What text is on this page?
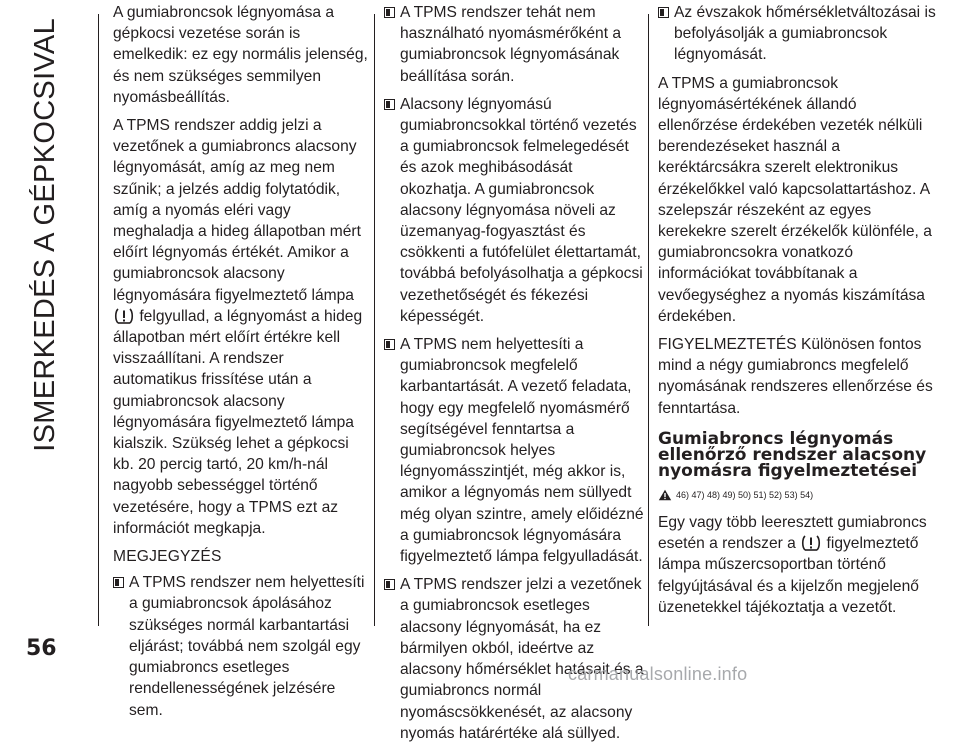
ISMERKEDÉS A GÉPKOCSIVAL
56

A gumiabroncsok légnyomása a gépkocsi vezetése során is emelkedik: ez egy normális jelenség, és nem szükséges semmilyen nyomásbeállítás.

A TPMS rendszer addig jelzi a vezetőnek a gumiabroncs alacsony légnyomását, amíg az meg nem szűnik; a jelzés addig folytatódik, amíg a nyomás eléri vagy meghaladja a hideg állapotban mért előírt légnyomás értékét. Amikor a gumiabroncsok alacsony légnyomására figyelmeztető lámpa
felgyullad, a légnyomást a hideg állapotban mért előírt értékre kell visszaállítani. A rendszer automatikus frissítése után a gumiabroncsok alacsony légnyomására figyelmeztető lámpa kialszik. Szükség lehet a gépkocsi kb. 20 percig tartó, 20 km/h-nál nagyobb sebességgel történő vezetésére, hogy a TPMS ezt az információt megkapja.

MEGJEGYZÉS

A TPMS rendszer nem helyettesíti a gumiabroncsok ápolásához szükséges normál karbantartási eljárást; továbbá nem szolgál egy gumiabroncs esetleges rendellenességének jelzésére sem.
A TPMS rendszer tehát nem használható nyomásmérőként a gumiabroncsok légnyomásának beállítása során.
Alacsony légnyomású gumiabroncsokkal történő vezetés a gumiabroncsok felmelegedését és azok meghibásodását okozhatja. A gumiabroncsok alacsony légnyomása növeli az üzemanyag-fogyasztást és csökkenti a futófelület élettartamát, továbbá befolyásolhatja a gépkocsi vezethetőségét és fékezési képességét.
A TPMS nem helyettesíti a gumiabroncsok megfelelő karbantartását. A vezető feladata, hogy egy megfelelő nyomásmérő segítségével fenntartsa a gumiabroncsok helyes légnyomásszintjét, még akkor is, amikor a légnyomás nem süllyedt még olyan szintre, amely előidézné a gumiabroncsok légnyomására figyelmeztető lámpa felgyulladását.
A TPMS rendszer jelzi a vezetőnek a gumiabroncsok esetleges alacsony légnyomását, ha ez bármilyen okból, ideértve az alacsony hőmérséklet hatásait és a gumiabroncs normál nyomáscsökkenését, az alacsony nyomás határértéke alá süllyed.
Az évszakok hőmérsékletváltozásai is befolyásolják a gumiabroncsok légnyomását.

A TPMS a gumiabroncsok légnyomásértékének állandó ellenőrzése érdekében vezeték nélküli berendezéseket használ a keréktárcsákra szerelt elektronikus érzékelőkkel való kapcsolattartáshoz. A szelepszár részeként az egyes kerekekre szerelt érzékelők különféle, a gumiabroncsokra vonatkozó információkat továbbítanak a vevőegységhez a nyomás kiszámítása érdekében.

FIGYELMEZTETÉS Különösen fontos mind a négy gumiabroncs megfelelő nyomásának rendszeres ellenőrzése és fenntartása.

Gumiabroncs légnyomás ellenőrző rendszer alacsony nyomásra figyelmeztetései
46) 47) 48) 49) 50) 51) 52) 53) 54)

Egy vagy több leeresztett gumiabroncs esetén a rendszer a figyelmeztető lámpa műszercsoportban történő felgyújtásával és a kijelzőn megjelenő üzenetekkel tájékoztatja a vezetőt.

carmanualsonline.info
